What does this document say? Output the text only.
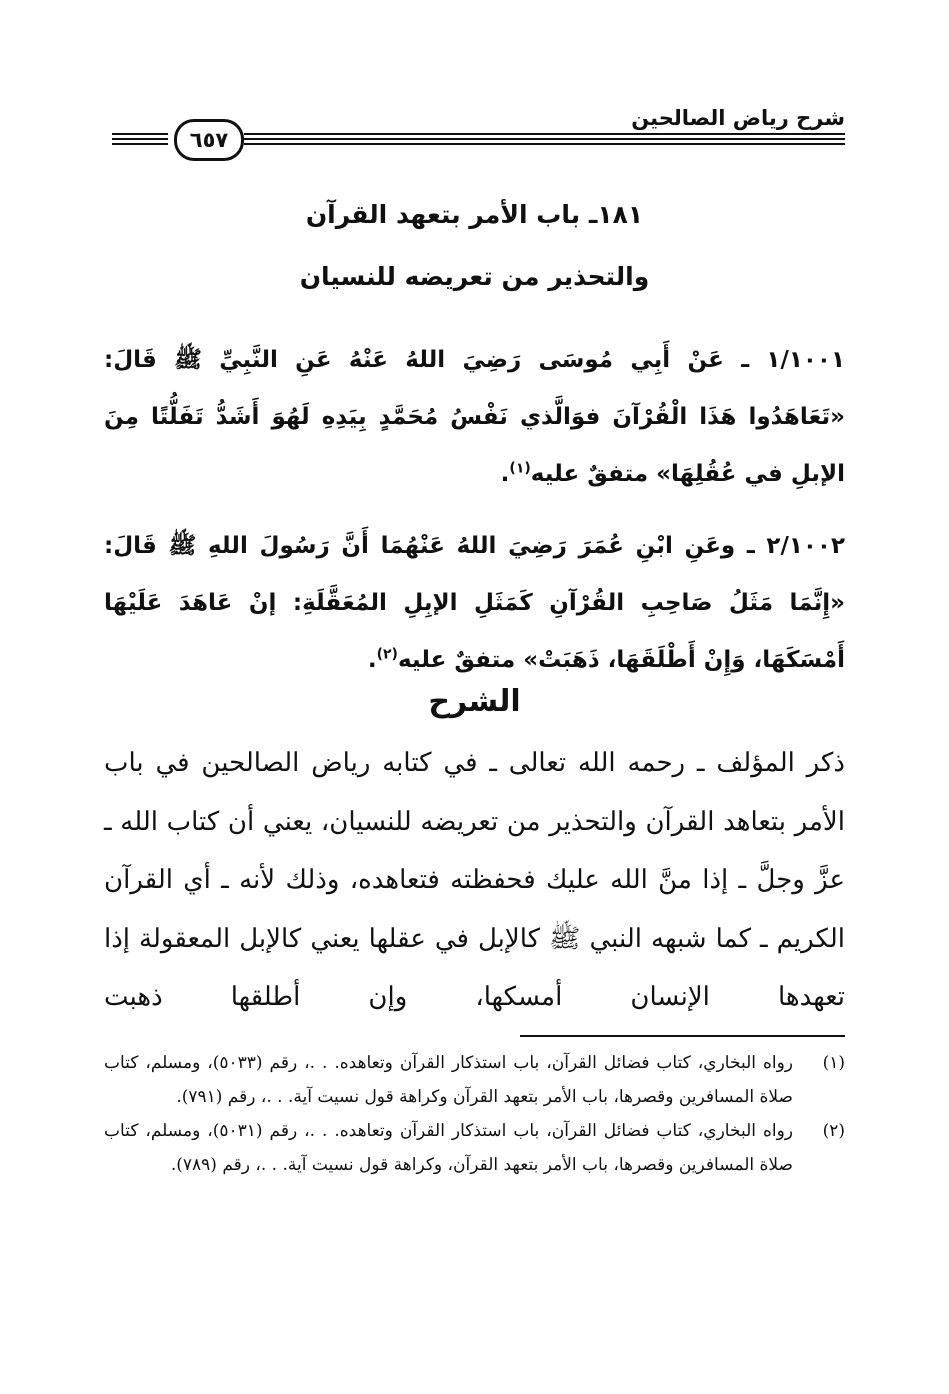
شرح رياض الصالحين
٦٥٧
١٨١ـ باب الأمر بتعهد القرآن
والتحذير من تعريضه للنسيان
١/١٠٠١ ـ عَنْ أَبِي مُوسَى رَضِيَ اللهُ عَنْهُ عَنِ النَّبِيِّ ﷺ قَالَ: «تَعَاهَدُوا هَذَا الْقُرْآنَ فوَالَّذي نَفْسُ مُحَمَّدٍ بِيَدِهِ لَهُوَ أَشَدُّ تَفَلُّتًا مِنَ الإبلِ في عُقُلِهَا» متفقٌ عليه$^{(١)}$.
٢/١٠٠٢ ـ وعَنِ ابْنِ عُمَرَ رَضِيَ اللهُ عَنْهُمَا أَنَّ رَسُولَ اللهِ ﷺ قَالَ: «إِنَّمَا مَثَلُ صَاحِبِ القُرْآنِ كَمَثَلِ الإبِلِ المُعَقَّلَةِ: إنْ عَاهَدَ عَلَيْهَا أَمْسَكَهَا، وَإِنْ أَطْلَقَهَا، ذَهَبَتْ» متفقٌ عليه$^{(٢)}$.
الشرح
ذكر المؤلف ـ رحمه الله تعالى ـ في كتابه رياض الصالحين في باب الأمر بتعاهد القرآن والتحذير من تعريضه للنسيان، يعني أن كتاب الله ـ عزَّ وجلَّ ـ إذا منَّ الله عليك فحفظته فتعاهده، وذلك لأنه ـ أي القرآن الكريم ـ كما شبهه النبي ﷺ كالإبل في عقلها يعني كالإبل المعقولة إذا تعهدها الإنسان أمسكها، وإن أطلقها ذهبت
(١)
رواه البخاري، كتاب فضائل القرآن، باب استذكار القرآن وتعاهده. . .، رقم (٥٠٣٣)، ومسلم، كتاب صلاة المسافرين وقصرها، باب الأمر بتعهد القرآن وكراهة قول نسيت آية. . .، رقم (٧٩١).
(٢)
رواه البخاري، كتاب فضائل القرآن، باب استذكار القرآن وتعاهده. . .، رقم (٥٠٣١)، ومسلم، كتاب صلاة المسافرين وقصرها، باب الأمر بتعهد القرآن، وكراهة قول نسيت آية. . .، رقم (٧٨٩).
